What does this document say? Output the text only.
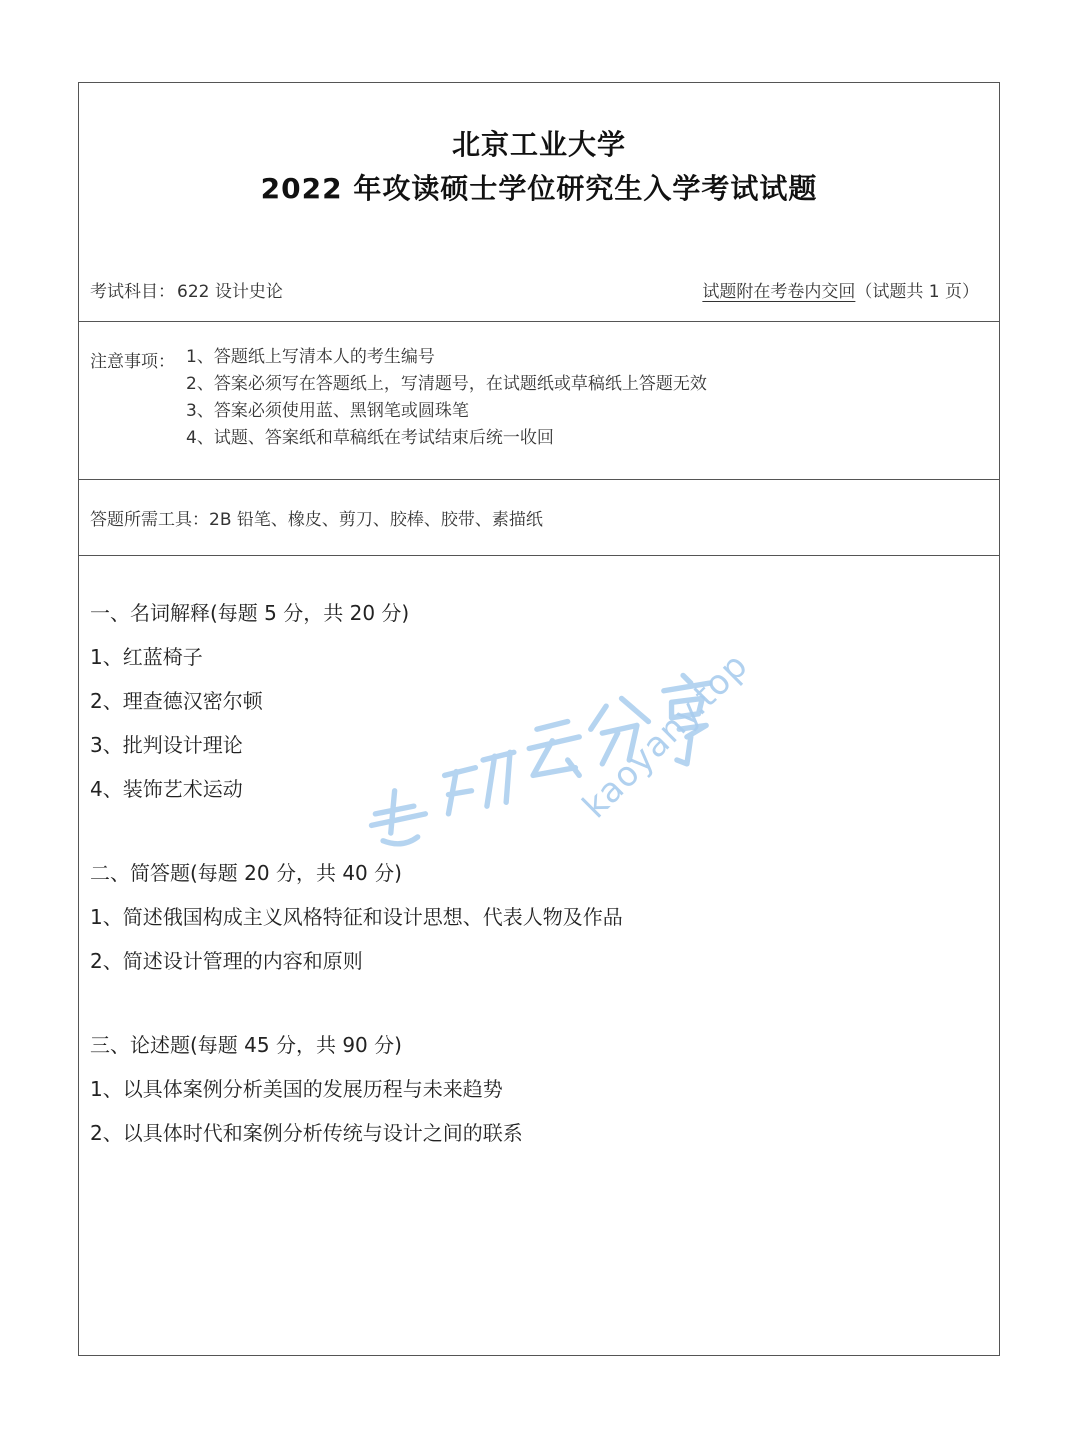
北京工业大学
2022 年攻读硕士学位研究生入学考试试题
考试科目： 622 设计史论	试题附在考卷内交回（试题共 1 页）
注意事项： 1、答题纸上写清本人的考生编号
2、答案必须写在答题纸上，写清题号，在试题纸或草稿纸上答题无效
3、答案必须使用蓝、黑钢笔或圆珠笔
4、试题、答案纸和草稿纸在考试结束后统一收回
答题所需工具：2B 铅笔、橡皮、剪刀、胶棒、胶带、素描纸
一、名词解释(每题 5 分，共 20 分)
1、红蓝椅子
2、理查德汉密尔顿
3、批判设计理论
4、装饰艺术运动
二、简答题(每题 20 分，共 40 分)
1、简述俄国构成主义风格特征和设计思想、代表人物及作品
2、简述设计管理的内容和原则
三、论述题(每题 45 分，共 90 分)
1、以具体案例分析美国的发展历程与未来趋势
2、以具体时代和案例分析传统与设计之间的联系
kaoyany.top
